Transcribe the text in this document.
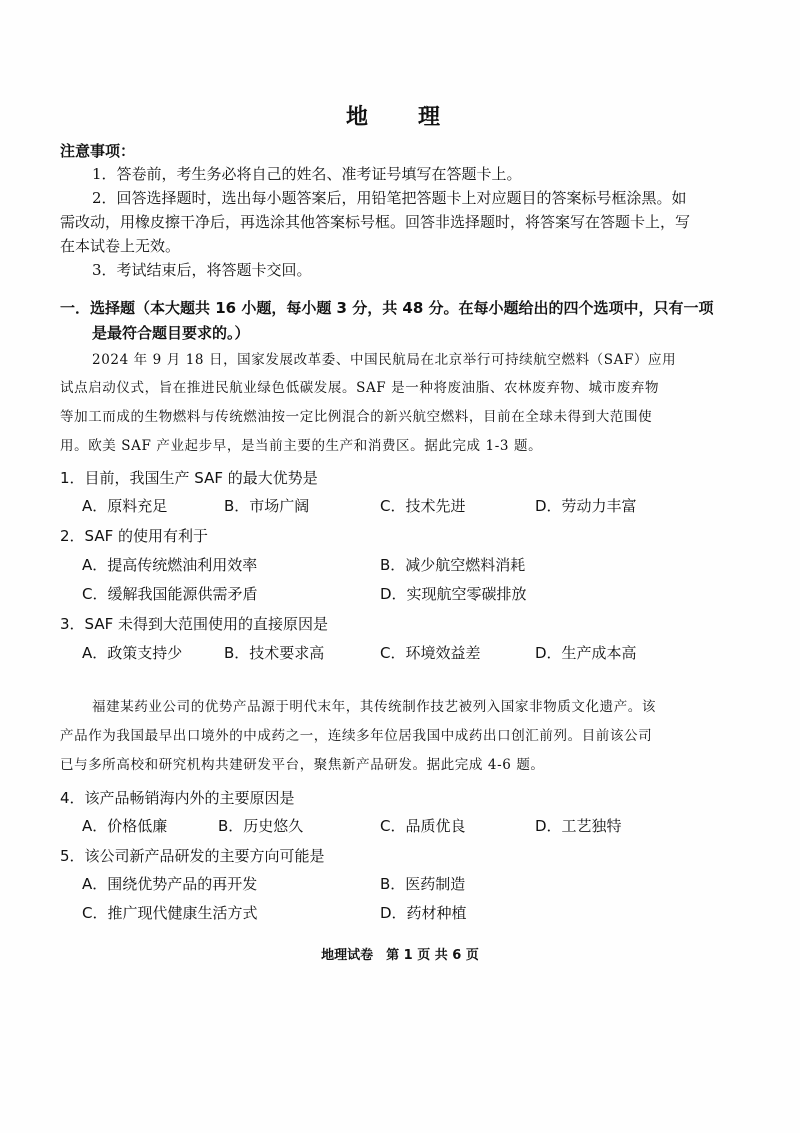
地　理
注意事项：
1．答卷前，考生务必将自己的姓名、准考证号填写在答题卡上。
2．回答选择题时，选出每小题答案后，用铅笔把答题卡上对应题目的答案标号框涂黑。如
需改动，用橡皮擦干净后，再选涂其他答案标号框。回答非选择题时，将答案写在答题卡上，写
在本试卷上无效。
3．考试结束后，将答题卡交回。
一．选择题（本大题共 16 小题，每小题 3 分，共 48 分。在每小题给出的四个选项中，只有一项
是最符合题目要求的。）
2024 年 9 月 18 日，国家发展改革委、中国民航局在北京举行可持续航空燃料（SAF）应用
试点启动仪式，旨在推进民航业绿色低碳发展。SAF 是一种将废油脂、农林废弃物、城市废弃物
等加工而成的生物燃料与传统燃油按一定比例混合的新兴航空燃料，目前在全球未得到大范围使
用。欧美 SAF 产业起步早，是当前主要的生产和消费区。据此完成 1-3 题。
1．目前，我国生产 SAF 的最大优势是
A．原料充足	B．市场广阔	C．技术先进	D．劳动力丰富
2．SAF 的使用有利于
A．提高传统燃油利用效率	B．减少航空燃料消耗
C．缓解我国能源供需矛盾	D．实现航空零碳排放
3．SAF 未得到大范围使用的直接原因是
A．政策支持少	B．技术要求高	C．环境效益差	D．生产成本高
福建某药业公司的优势产品源于明代末年，其传统制作技艺被列入国家非物质文化遗产。该
产品作为我国最早出口境外的中成药之一，连续多年位居我国中成药出口创汇前列。目前该公司
已与多所高校和研究机构共建研发平台，聚焦新产品研发。据此完成 4-6 题。
4．该产品畅销海内外的主要原因是
A．价格低廉	B．历史悠久	C．品质优良	D．工艺独特
5．该公司新产品研发的主要方向可能是
A．围绕优势产品的再开发	B．医药制造
C．推广现代健康生活方式	D．药材种植
地理试卷　第 1 页 共 6 页
